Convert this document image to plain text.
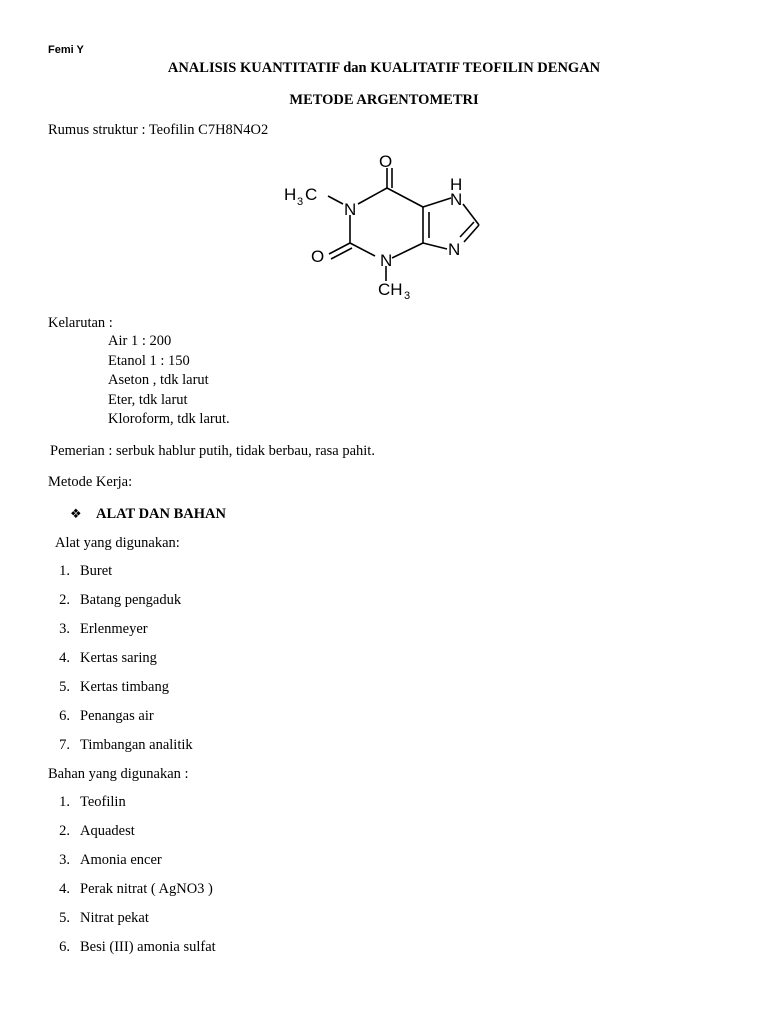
Femi Y
ANALISIS KUANTITATIF dan KUALITATIF TEOFILIN DENGAN
METODE ARGENTOMETRI
Rumus struktur : Teofilin C7H8N4O2
H 3 C
N
O
O	N
CH 3
H
N
N
Kelarutan :
Air 1 : 200
Etanol 1 : 150
Aseton , tdk larut
Eter, tdk larut
Kloroform, tdk larut.
Pemerian : serbuk hablur putih, tidak berbau, rasa pahit.
Metode Kerja:
❖ ALAT DAN BAHAN
Alat yang digunakan:
1. Buret
2. Batang pengaduk
3. Erlenmeyer
4. Kertas saring
5. Kertas timbang
6. Penangas air
7. Timbangan analitik
Bahan yang digunakan :
1. Teofilin
2. Aquadest
3. Amonia encer
4. Perak nitrat ( AgNO3 )
5. Nitrat pekat
6. Besi (III) amonia sulfat
